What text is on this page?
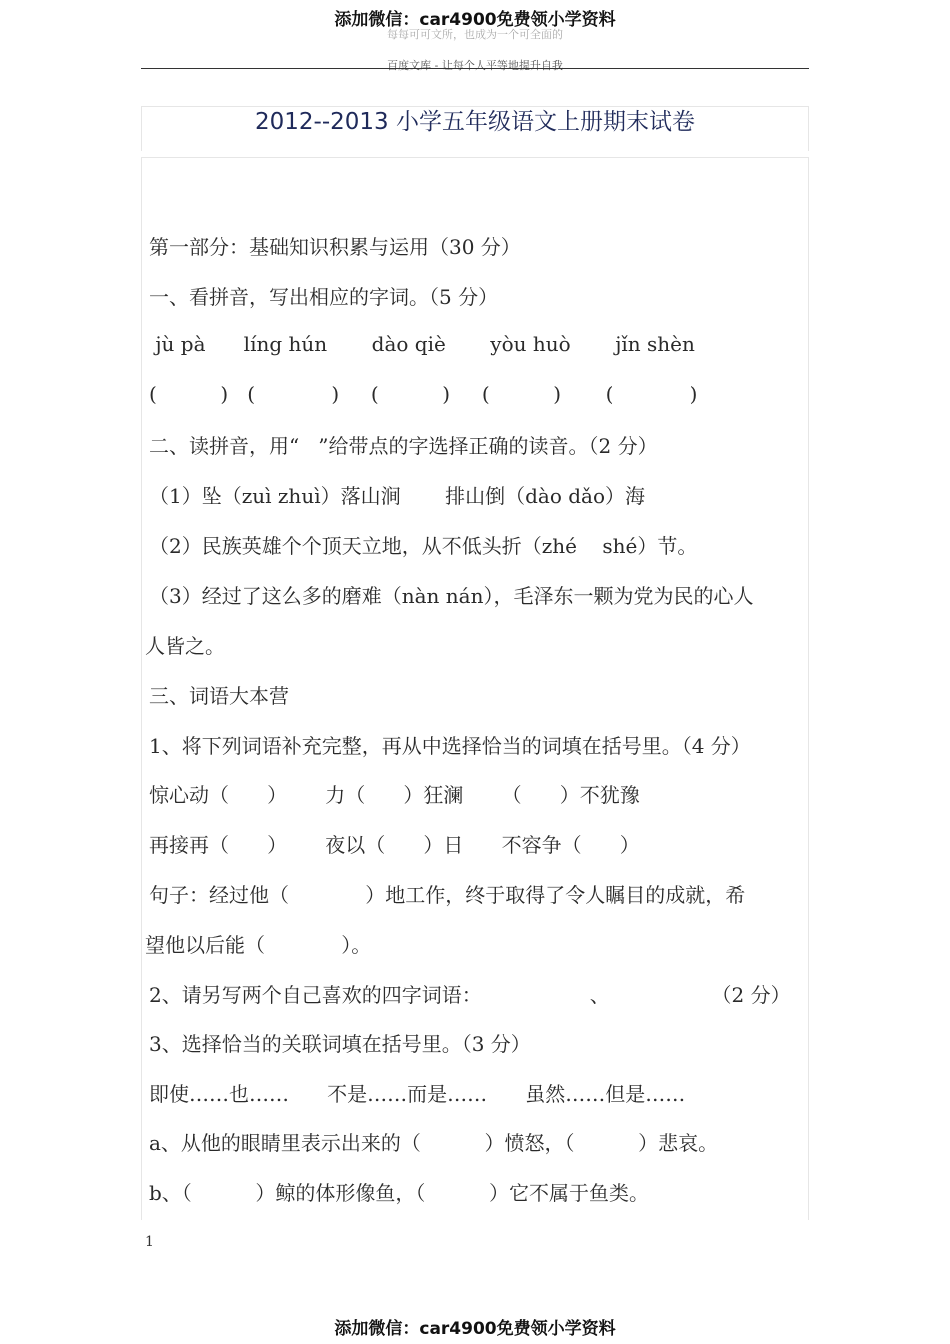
添加微信：car4900免费领小学资料
每每可可文所，也成为一个可全面的
百度文库 - 让每个人平等地提升自我
2012--2013 小学五年级语文上册期末试卷
第一部分：基础知识积累与运用（30 分）
一、看拼音，写出相应的字词。（5 分）
jù pà      líng hún       dào qiè       yòu huò       jǐn shèn
(          )   (            )     (          )     (          )       (            )
二、读拼音，用“   ”给带点的字选择正确的读音。（2 分）
（1）坠（zuì zhuì）落山涧       排山倒（dào dǎo）海
（2）民族英雄个个顶天立地，从不低头折（zhé    shé）节。
（3）经过了这么多的磨难（nàn nán），毛泽东一颗为党为民的心人
人皆之。
三、词语大本营
1、将下列词语补充完整，再从中选择恰当的词填在括号里。（4 分）
惊心动（      ）      力（      ）狂澜      （      ）不犹豫
再接再（      ）      夜以（      ）日      不容争（      ）
句子：经过他（            ）地工作，终于取得了令人瞩目的成就，希
望他以后能（            ）。
2、请另写两个自己喜欢的四字词语：                 、                （2 分）
3、选择恰当的关联词填在括号里。（3 分）
即使……也……      不是……而是……      虽然……但是……
a、从他的眼睛里表示出来的（          ）愤怒，（          ）悲哀。
b、（          ）鲸的体形像鱼，（          ）它不属于鱼类。
1
添加微信：car4900免费领小学资料
